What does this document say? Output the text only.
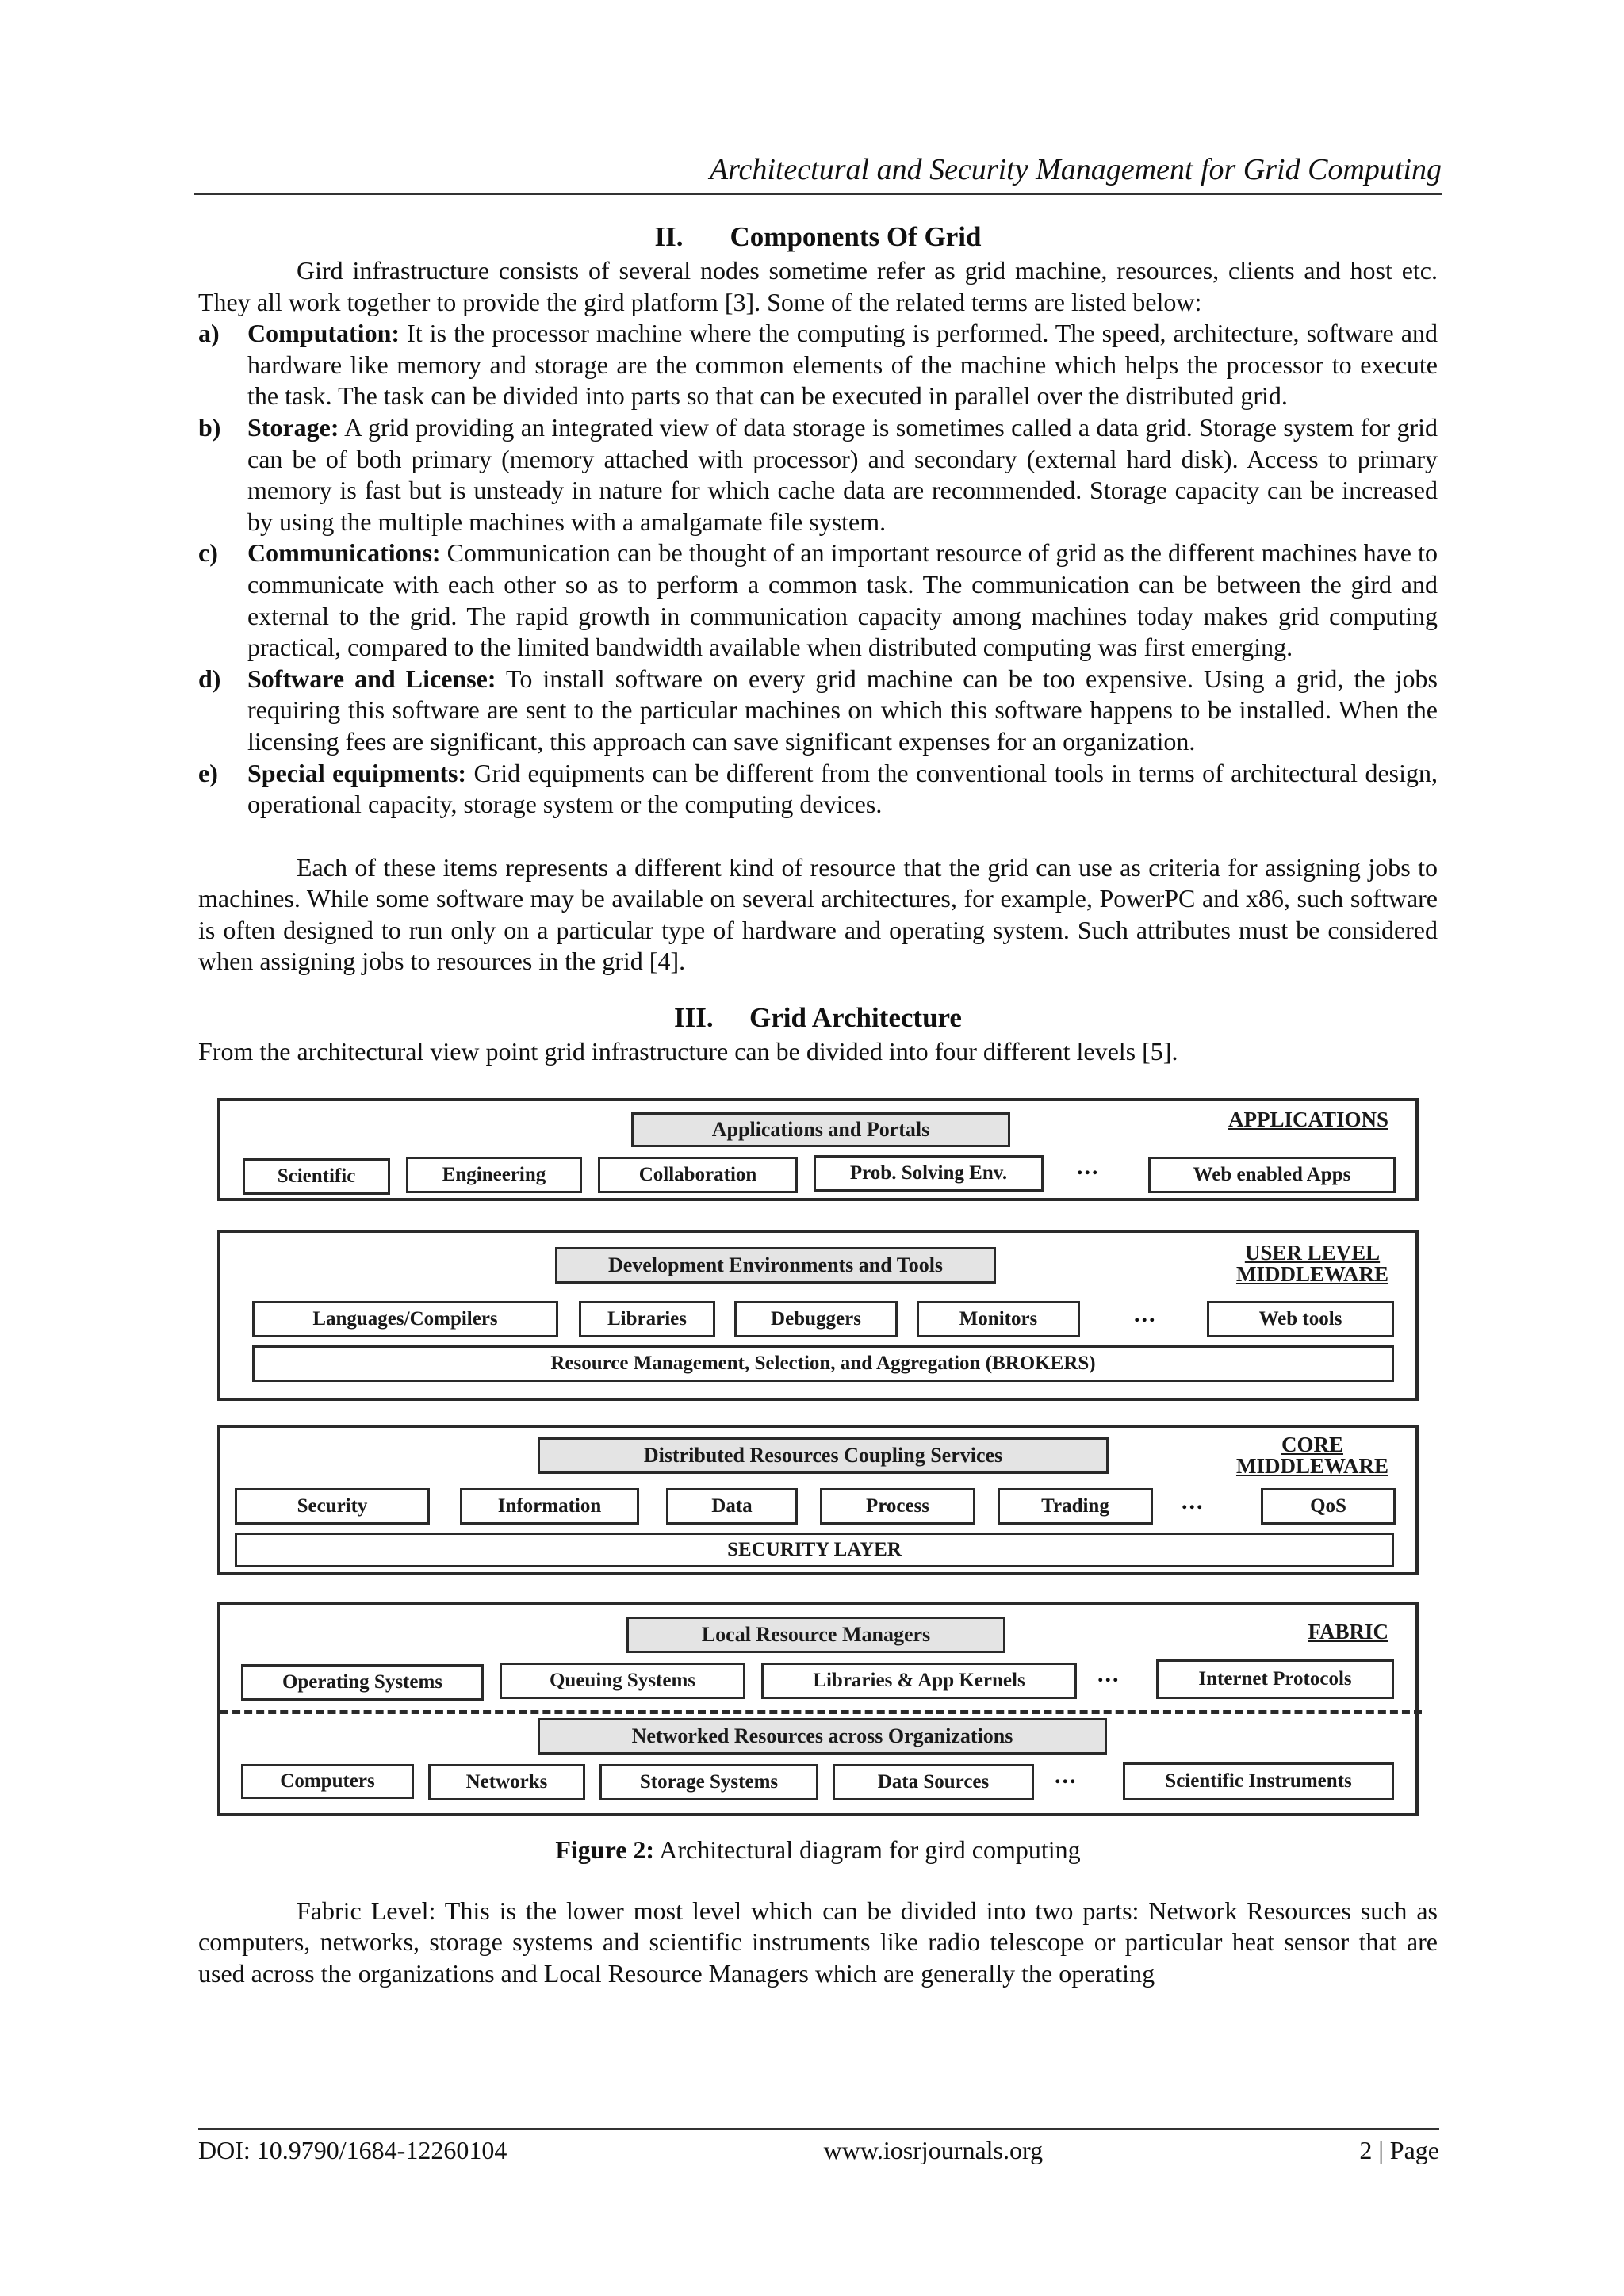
Architectural and Security Management for Grid Computing
II. Components Of Grid

Gird infrastructure consists of several nodes sometime refer as grid machine, resources, clients and host etc. They all work together to provide the gird platform [3]. Some of the related terms are listed below:

a) Computation: It is the processor machine where the computing is performed. The speed, architecture, software and hardware like memory and storage are the common elements of the machine which helps the processor to execute the task. The task can be divided into parts so that can be executed in parallel over the distributed grid.
b) Storage: A grid providing an integrated view of data storage is sometimes called a data grid. Storage system for grid can be of both primary (memory attached with processor) and secondary (external hard disk). Access to primary memory is fast but is unsteady in nature for which cache data are recommended. Storage capacity can be increased by using the multiple machines with a amalgamate file system.
c) Communications: Communication can be thought of an important resource of grid as the different machines have to communicate with each other so as to perform a common task. The communication can be between the gird and external to the grid. The rapid growth in communication capacity among machines today makes grid computing practical, compared to the limited bandwidth available when distributed computing was first emerging.
d) Software and License: To install software on every grid machine can be too expensive. Using a grid, the jobs requiring this software are sent to the particular machines on which this software happens to be installed. When the licensing fees are significant, this approach can save significant expenses for an organization.
e) Special equipments: Grid equipments can be different from the conventional tools in terms of architectural design, operational capacity, storage system or the computing devices.

Each of these items represents a different kind of resource that the grid can use as criteria for assigning jobs to machines. While some software may be available on several architectures, for example, PowerPC and x86, such software is often designed to run only on a particular type of hardware and operating system. Such attributes must be considered when assigning jobs to resources in the grid [4].

III. Grid Architecture

From the architectural view point grid infrastructure can be divided into four different levels [5].

Applications and Portals	APPLICATIONS
Scientific	Engineering	Collaboration	Prob. Solving Env.	...	Web enabled Apps
Development Environments and Tools
USER LEVEL
MIDDLEWARE
Languages/Compilers	Libraries	Debuggers	Monitors	...	Web tools
Resource Management, Selection, and Aggregation (BROKERS)
Distributed Resources Coupling Services	CORE
MIDDLEWARE
Security	Information	Data	Process	Trading	...	QoS
SECURITY LAYER
Local Resource Managers	FABRIC
Operating Systems	Queuing Systems	Libraries & App Kernels	...	Internet Protocols
Networked Resources across Organizations
Computers	Networks	Storage Systems	Data Sources	...	Scientific Instruments
Figure 2: Architectural diagram for gird computing

Fabric Level: This is the lower most level which can be divided into two parts: Network Resources such as computers, networks, storage systems and scientific instruments like radio telescope or particular heat sensor that are used across the organizations and Local Resource Managers which are generally the operating

DOI: 10.9790/1684-12260104	www.iosrjournals.org	2 | Page
